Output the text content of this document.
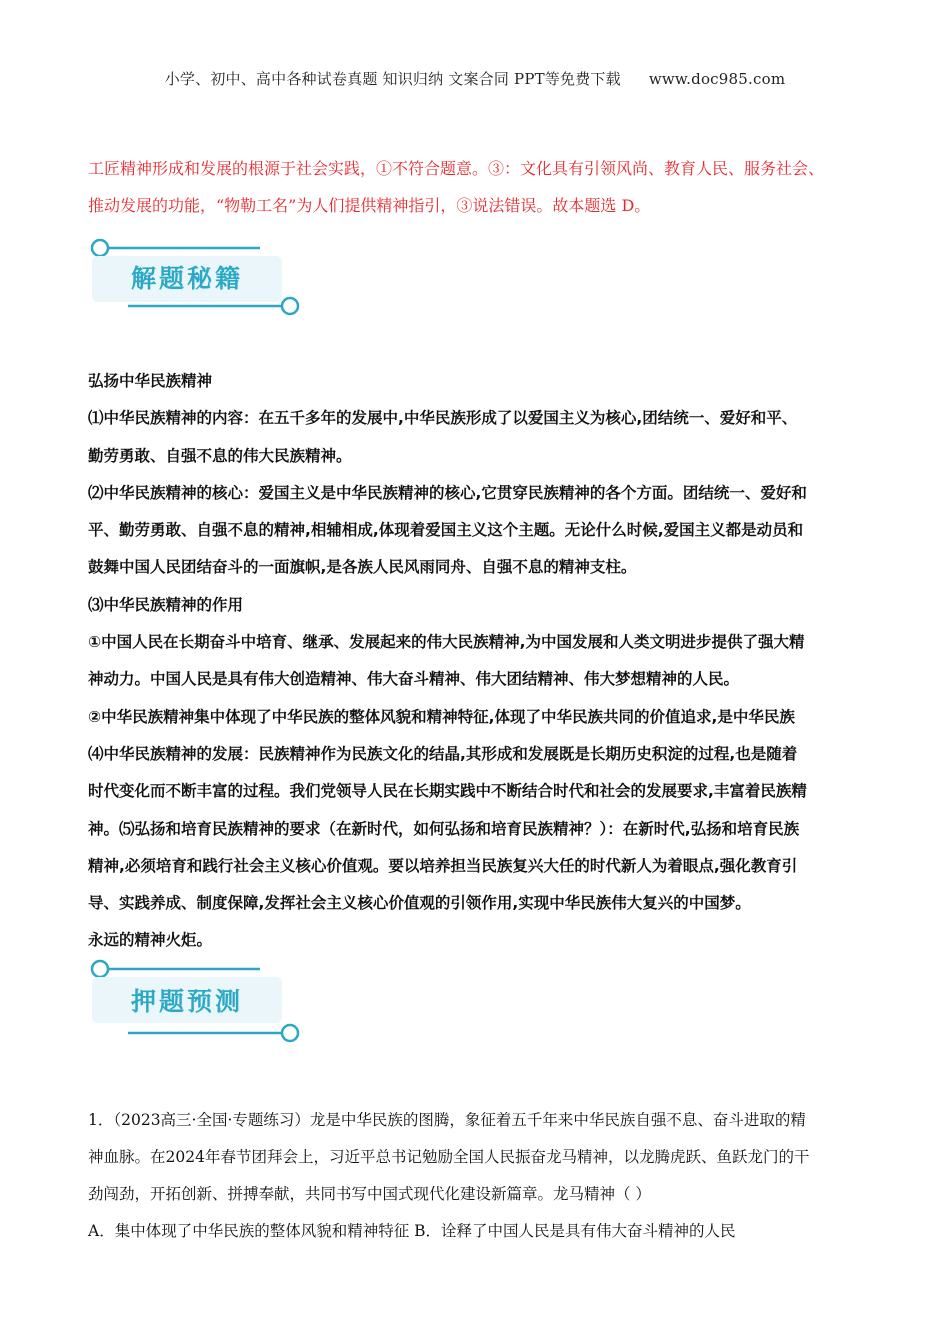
小学、初中、高中各种试卷真题 知识归纳 文案合同 PPT等免费下载 www.doc985.com
工匠精神形成和发展的根源于社会实践，①不符合题意。③：文化具有引领风尚、教育人民、服务社会、
推动发展的功能，“物勒工名”为人们提供精神指引，③说法错误。故本题选 D。
解题秘籍

弘扬中华民族精神

⑴中华民族精神的内容：在五千多年的发展中,中华民族形成了以爱国主义为核心,团结统一、爱好和平、

勤劳勇敢、自强不息的伟大民族精神。

⑵中华民族精神的核心：爱国主义是中华民族精神的核心,它贯穿民族精神的各个方面。团结统一、爱好和

平、勤劳勇敢、自强不息的精神,相辅相成,体现着爱国主义这个主题。无论什么时候,爱国主义都是动员和

鼓舞中国人民团结奋斗的一面旗帜,是各族人民风雨同舟、自强不息的精神支柱。

⑶中华民族精神的作用

①中国人民在长期奋斗中培育、继承、发展起来的伟大民族精神,为中国发展和人类文明进步提供了强大精

神动力。中国人民是具有伟大创造精神、伟大奋斗精神、伟大团结精神、伟大梦想精神的人民。

②中华民族精神集中体现了中华民族的整体风貌和精神特征,体现了中华民族共同的价值追求,是中华民族

⑷中华民族精神的发展：民族精神作为民族文化的结晶,其形成和发展既是长期历史积淀的过程,也是随着

时代变化而不断丰富的过程。我们党领导人民在长期实践中不断结合时代和社会的发展要求,丰富着民族精

神。⑸弘扬和培育民族精神的要求（在新时代，如何弘扬和培育民族精神？）：在新时代,弘扬和培育民族

精神,必须培育和践行社会主义核心价值观。要以培养担当民族复兴大任的时代新人为着眼点,强化教育引

导、实践养成、制度保障,发挥社会主义核心价值观的引领作用,实现中华民族伟大复兴的中国梦。

永远的精神火炬。

押题预测

1．（2023高三·全国·专题练习）龙是中华民族的图腾，象征着五千年来中华民族自强不息、奋斗进取的精

神血脉。在2024年春节团拜会上，习近平总书记勉励全国人民振奋龙马精神，以龙腾虎跃、鱼跃龙门的干

劲闯劲，开拓创新、拼搏奉献，共同书写中国式现代化建设新篇章。龙马精神（ ）

A．集中体现了中华民族的整体风貌和精神特征 B．诠释了中国人民是具有伟大奋斗精神的人民
